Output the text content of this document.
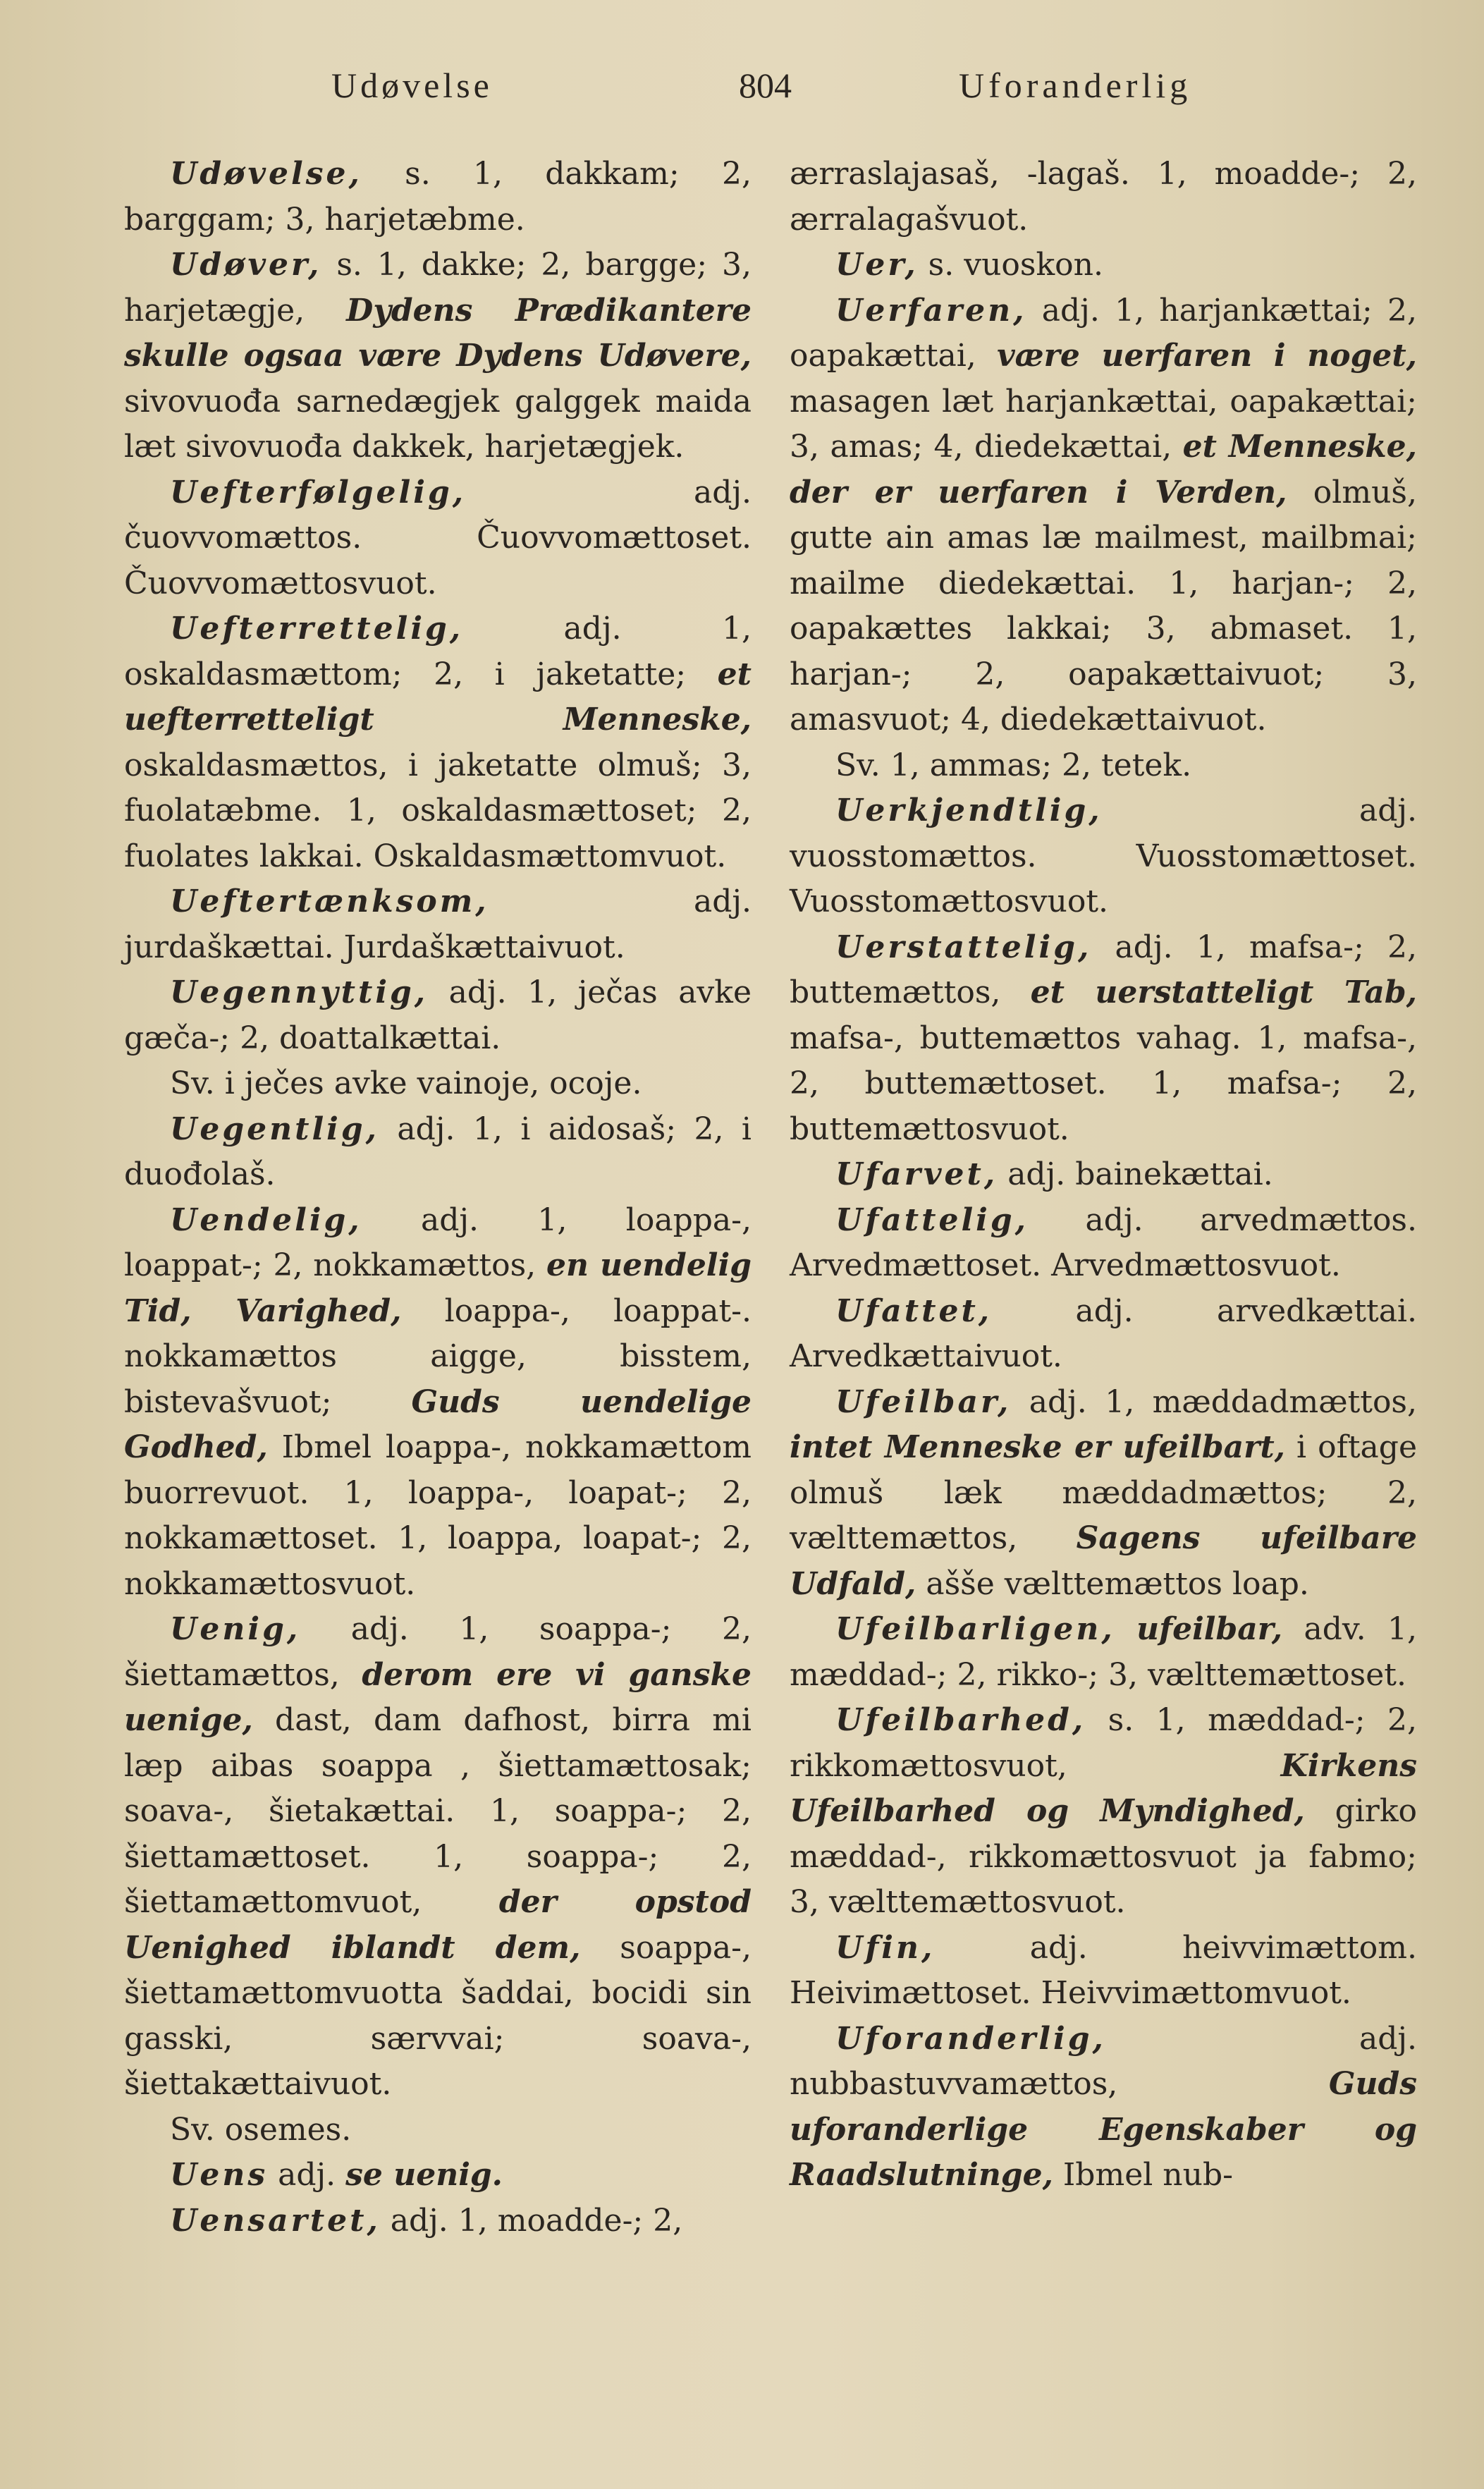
Udøvelse	804	Uforanderlig

Udøvelse, s. 1, dakkam; 2, barggam; 3, harjetæbme.

Udøver, s. 1, dakke; 2, bargge; 3, harjetægje, Dydens Prædikantere skulle ogsaa være Dydens Udøvere, sivovuođa sarnedægjek galggek maida læt sivovuođa dakkek, harjetægjek.

Uefterfølgelig, adj. čuovvomættos. Čuovvomættoset. Čuovvomættosvuot.

Uefterrettelig, adj. 1, oskaldasmættom; 2, i jaketatte; et uefterretteligt Menneske, oskaldasmættos, i jaketatte olmuš; 3, fuolatæbme. 1, oskaldasmættoset; 2, fuolates lakkai. Oskaldasmættomvuot.

Ueftertænksom, adj. jurdaškættai. Jurdaškættaivuot.

Uegennyttig, adj. 1, ječas avke gæča-; 2, doattalkættai.

Sv. i ječes avke vainoje, ocoje.

Uegentlig, adj. 1, i aidosaš; 2, i duođolaš.

Uendelig, adj. 1, loappa-, loappat-; 2, nokkamættos, en uendelig Tid, Varighed, loappa-, loappat-. nokkamættos aigge, bisstem, bistevašvuot; Guds uendelige Godhed, Ibmel loappa-, nokkamættom buorrevuot. 1, loappa-, loapat-; 2, nokkamættoset. 1, loappa, loapat-; 2, nokkamættosvuot.

Uenig, adj. 1, soappa-; 2, šiettamættos, derom ere vi ganske uenige, dast, dam dafhost, birra mi læp aibas soappa , šiettamættosak; soava-, šietakættai. 1, soappa-; 2, šiettamættoset. 1, soappa-; 2, šiettamættomvuot, der opstod Uenighed iblandt dem, soappa-, šiettamættomvuotta šaddai, bocidi sin gasski, særvvai; soava-, šiettakættaivuot.

Sv. osemes.

Uens adj. se uenig.

Uensartet, adj. 1, moadde-; 2,

ærraslajasaš, -lagaš. 1, moadde-; 2, ærralagašvuot.

Uer, s. vuoskon.

Uerfaren, adj. 1, harjankættai; 2, oapakættai, være uerfaren i noget, masagen læt harjankættai, oapakættai; 3, amas; 4, diedekættai, et Menneske, der er uerfaren i Verden, olmuš, gutte ain amas læ mailmest, mailbmai; mailme diedekættai. 1, harjan-; 2, oapakættes lakkai; 3, abmaset. 1, harjan-; 2, oapakættaivuot; 3, amasvuot; 4, diedekættaivuot.

Sv. 1, ammas; 2, tetek.

Uerkjendtlig, adj. vuosstomættos. Vuosstomættoset. Vuosstomættosvuot.

Uerstattelig, adj. 1, mafsa-; 2, buttemættos, et uerstatteligt Tab, mafsa-, buttemættos vahag. 1, mafsa-, 2, buttemættoset. 1, mafsa-; 2, buttemættosvuot.

Ufarvet, adj. bainekættai.

Ufattelig, adj. arvedmættos. Arvedmættoset. Arvedmættosvuot.

Ufattet, adj. arvedkættai. Arvedkættaivuot.

Ufeilbar, adj. 1, mæddadmættos, intet Menneske er ufeilbart, i oftage olmuš læk mæddadmættos; 2, vælttemættos, Sagens ufeilbare Udfald, ašše vælttemættos loap.

Ufeilbarligen, ufeilbar, adv. 1, mæddad-; 2, rikko-; 3, vælttemættoset.

Ufeilbarhed, s. 1, mæddad-; 2, rikkomættosvuot, Kirkens Ufeilbarhed og Myndighed, girko mæddad-, rikkomættosvuot ja fabmo; 3, vælttemættosvuot.

Ufin, adj. heivvimættom. Heivimættoset. Heivvimættomvuot.

Uforanderlig, adj. nubbastuvvamættos, Guds uforanderlige Egenskaber og Raadslutninge, Ibmel nub-
